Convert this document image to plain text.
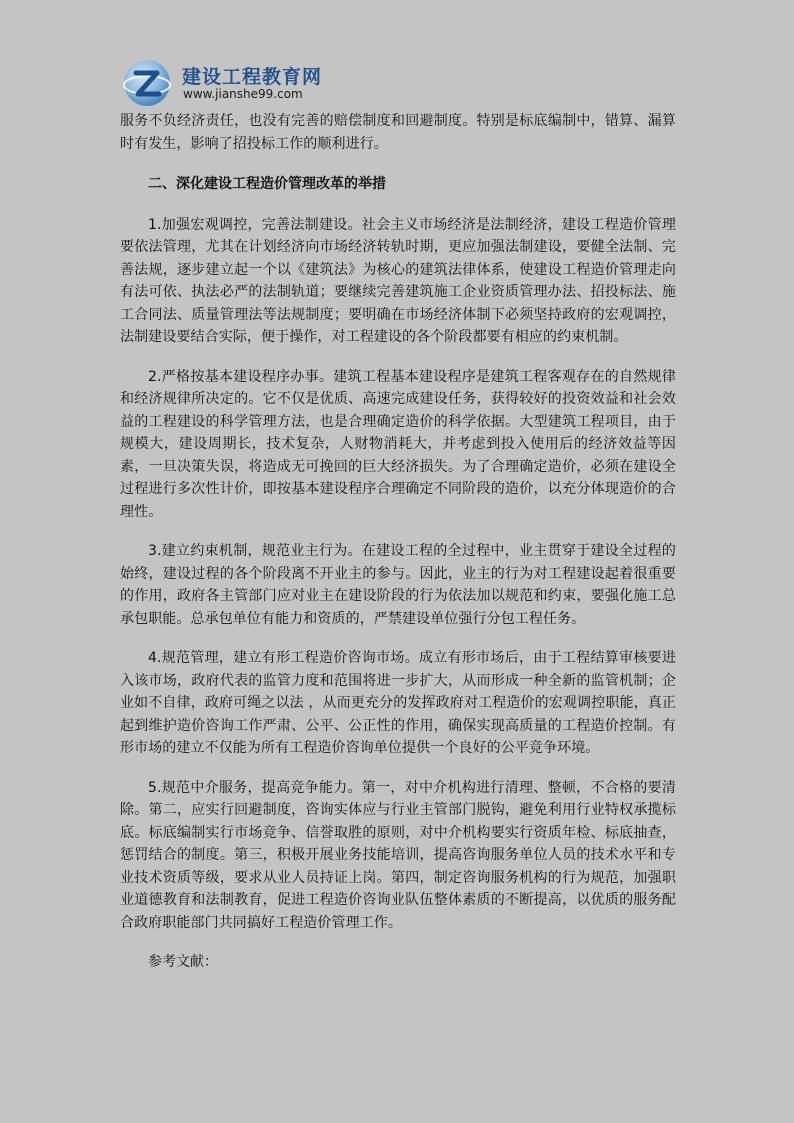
建设工程教育网
www.jianshe99.com

服务不负经济责任，也没有完善的赔偿制度和回避制度。特别是标底编制中，错算、漏算时有发生，影响了招投标工作的顺利进行。

二、深化建设工程造价管理改革的举措

1.加强宏观调控，完善法制建设。社会主义市场经济是法制经济，建设工程造价管理要依法管理，尤其在计划经济向市场经济转轨时期，更应加强法制建设，要健全法制、完善法规，逐步建立起一个以《建筑法》为核心的建筑法律体系，使建设工程造价管理走向有法可依、执法必严的法制轨道；要继续完善建筑施工企业资质管理办法、招投标法、施工合同法、质量管理法等法规制度；要明确在市场经济体制下必须坚持政府的宏观调控，法制建设要结合实际，便于操作，对工程建设的各个阶段都要有相应的约束机制。

2.严格按基本建设程序办事。建筑工程基本建设程序是建筑工程客观存在的自然规律和经济规律所决定的。它不仅是优质、高速完成建设任务，获得较好的投资效益和社会效益的工程建设的科学管理方法，也是合理确定造价的科学依据。大型建筑工程项目，由于规模大，建设周期长，技术复杂，人财物消耗大，并考虑到投入使用后的经济效益等因素，一旦决策失误，将造成无可挽回的巨大经济损失。为了合理确定造价，必须在建设全过程进行多次性计价，即按基本建设程序合理确定不同阶段的造价，以充分体现造价的合理性。

3.建立约束机制，规范业主行为。在建设工程的全过程中，业主贯穿于建设全过程的始终，建设过程的各个阶段离不开业主的参与。因此，业主的行为对工程建设起着很重要的作用，政府各主管部门应对业主在建设阶段的行为依法加以规范和约束，要强化施工总承包职能。总承包单位有能力和资质的，严禁建设单位强行分包工程任务。

4.规范管理，建立有形工程造价咨询市场。成立有形市场后，由于工程结算审核要进入该市场，政府代表的监管力度和范围将进一步扩大，从而形成一种全新的监管机制；企业如不自律，政府可绳之以法 ，从而更充分的发挥政府对工程造价的宏观调控职能，真正起到维护造价咨询工作严肃、公平、公正性的作用，确保实现高质量的工程造价控制。有形市场的建立不仅能为所有工程造价咨询单位提供一个良好的公平竞争环境。

5.规范中介服务，提高竞争能力。第一，对中介机构进行清理、整顿，不合格的要清除。第二，应实行回避制度，咨询实体应与行业主管部门脱钩，避免利用行业特权承揽标底。标底编制实行市场竞争、信誉取胜的原则，对中介机构要实行资质年检、标底抽查，惩罚结合的制度。第三，积极开展业务技能培训，提高咨询服务单位人员的技术水平和专业技术资质等级，要求从业人员持证上岗。第四，制定咨询服务机构的行为规范，加强职业道德教育和法制教育，促进工程造价咨询业队伍整体素质的不断提高，以优质的服务配合政府职能部门共同搞好工程造价管理工作。

参考文献：
